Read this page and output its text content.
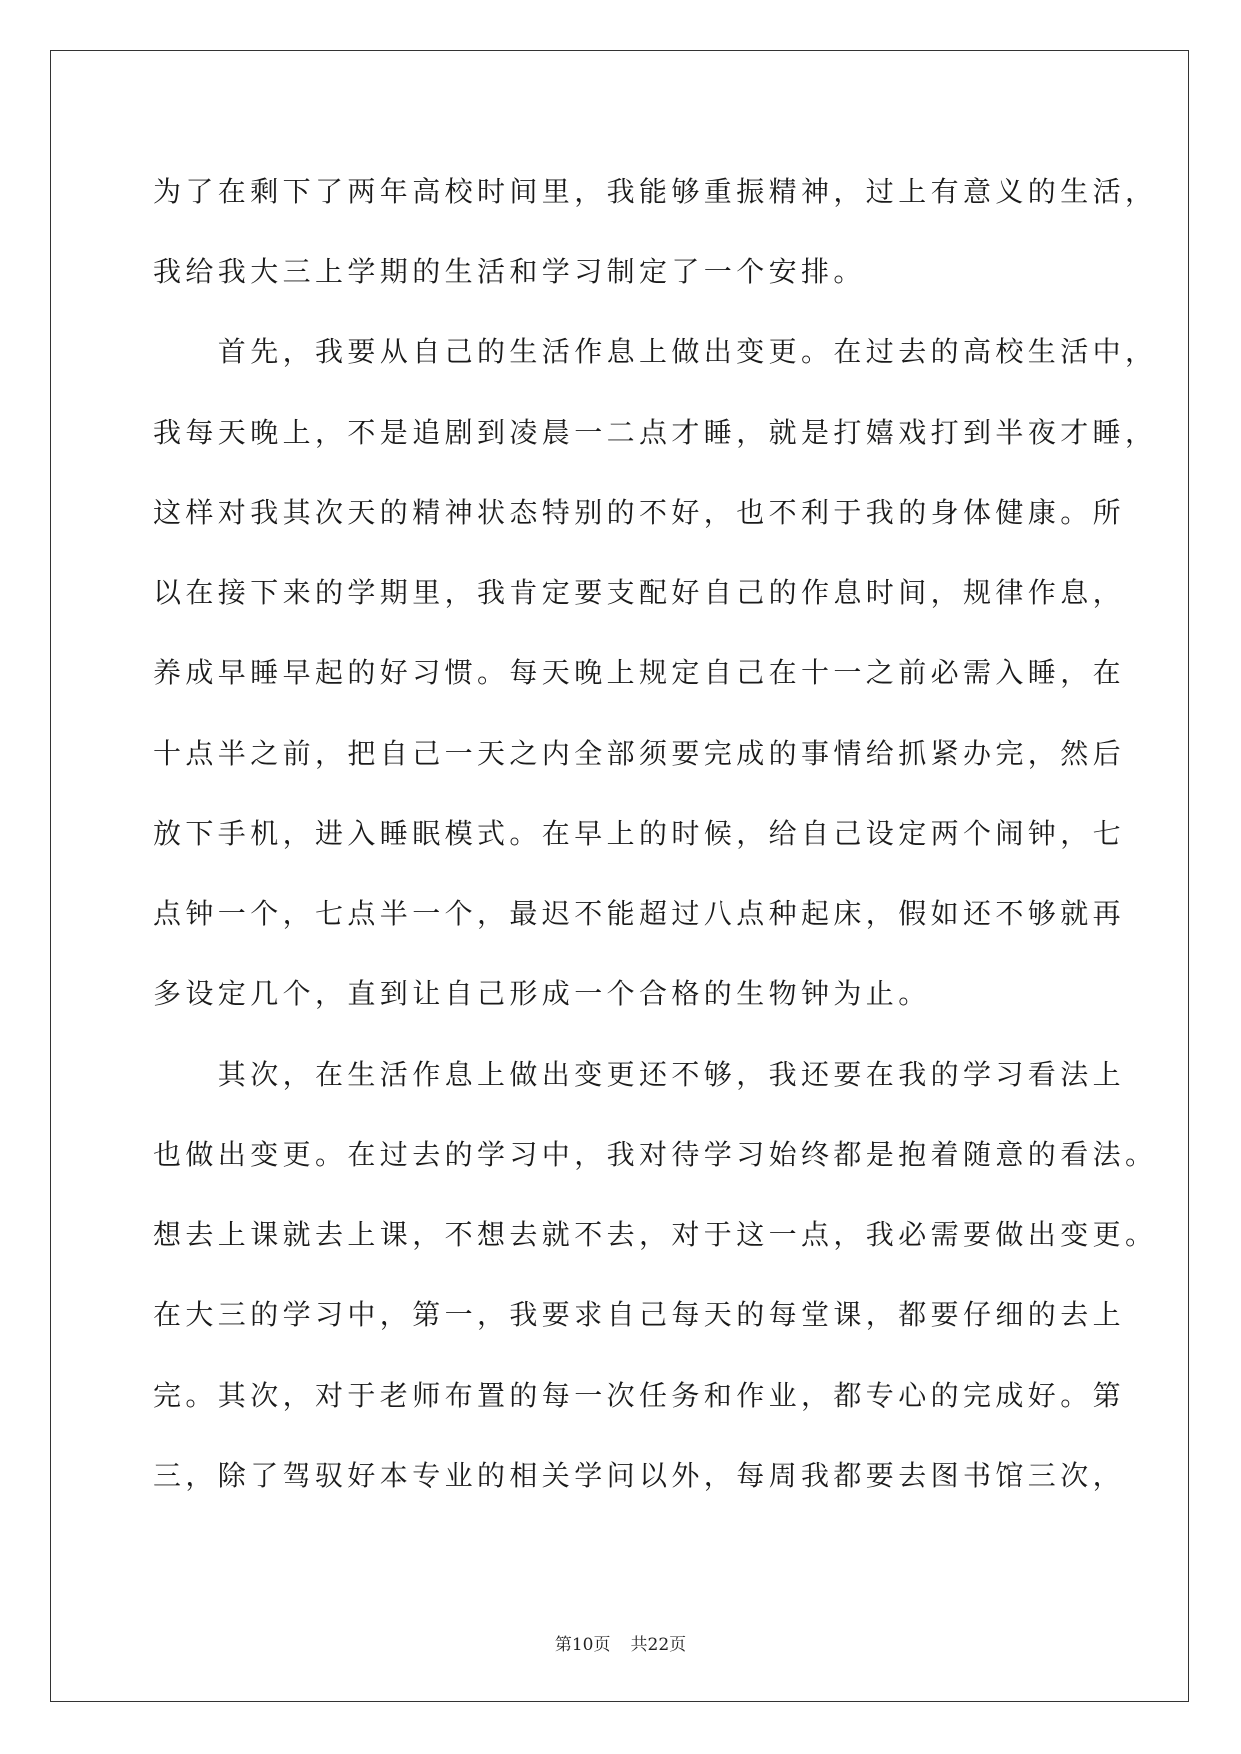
为了在剩下了两年高校时间里，我能够重振精神，过上有意义的生活，
我给我大三上学期的生活和学习制定了一个安排。
　　首先，我要从自己的生活作息上做出变更。在过去的高校生活中，
我每天晚上，不是追剧到凌晨一二点才睡，就是打嬉戏打到半夜才睡，
这样对我其次天的精神状态特别的不好，也不利于我的身体健康。所
以在接下来的学期里，我肯定要支配好自己的作息时间，规律作息，
养成早睡早起的好习惯。每天晚上规定自己在十一之前必需入睡，在
十点半之前，把自己一天之内全部须要完成的事情给抓紧办完，然后
放下手机，进入睡眠模式。在早上的时候，给自己设定两个闹钟，七
点钟一个，七点半一个，最迟不能超过八点种起床，假如还不够就再
多设定几个，直到让自己形成一个合格的生物钟为止。
　　其次，在生活作息上做出变更还不够，我还要在我的学习看法上
也做出变更。在过去的学习中，我对待学习始终都是抱着随意的看法。
想去上课就去上课，不想去就不去，对于这一点，我必需要做出变更。
在大三的学习中，第一，我要求自己每天的每堂课，都要仔细的去上
完。其次，对于老师布置的每一次任务和作业，都专心的完成好。第
三，除了驾驭好本专业的相关学问以外，每周我都要去图书馆三次，
第10页 共22页
